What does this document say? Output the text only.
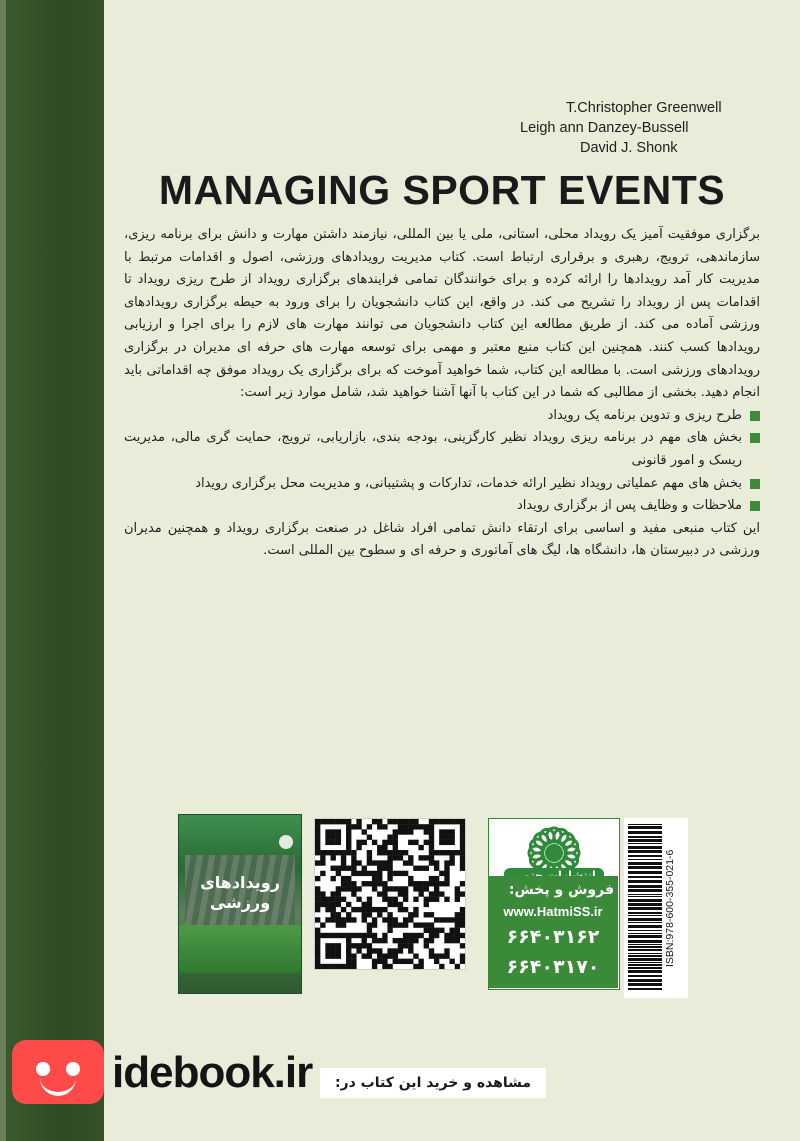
T.Christopher Greenwell
Leigh ann Danzey-Bussell
David J. Shonk
MANAGING SPORT EVENTS

برگزاری موفقیت آمیز یک رویداد محلی، استانی، ملی یا بین المللی، نیازمند داشتن مهارت و دانش برای برنامه ریزی، سازماندهی، ترویج، رهبری و برقراری ارتباط است. کتاب مدیریت رویدادهای ورزشی، اصول و اقدامات مرتبط با مدیریت کار آمد رویدادها را ارائه کرده و برای خوانندگان تمامی فرایندهای برگزاری رویداد از طرح ریزی رویداد تا اقدامات پس از رویداد را تشریح می کند. در واقع، این کتاب دانشجویان را برای ورود به حیطه برگزاری رویدادهای ورزشی آماده می کند. از طریق مطالعه این کتاب دانشجویان می توانند مهارت های لازم را برای اجرا و ارزیابی رویدادها کسب کنند. همچنین این کتاب منبع معتبر و مهمی برای توسعه مهارت های حرفه ای مدیران در برگزاری رویدادهای ورزشی است. با مطالعه این کتاب، شما خواهید آموخت که برای برگزاری یک رویداد موفق چه اقداماتی باید انجام دهید. بخشی از مطالبی که شما در این کتاب با آنها آشنا خواهید شد، شامل موارد زیر است:

طرح ریزی و تدوین برنامه یک رویداد
بخش های مهم در برنامه ریزی رویداد نظیر کارگزینی، بودجه بندی، بازاریابی، ترویج، حمایت گری مالی، مدیریت ریسک و امور قانونی
بخش های مهم عملیاتی رویداد نظیر ارائه خدمات، تدارکات و پشتیبانی، و مدیریت محل برگزاری رویداد
ملاحظات و وظایف پس از برگزاری رویداد

این کتاب منبعی مفید و اساسی برای ارتقاء دانش تمامی افراد شاغل در صنعت برگزاری رویداد و همچنین مدیران ورزشی در دبیرستان ها، دانشگاه ها، لیگ های آماتوری و حرفه ای و سطوح بین المللی است.

رویدادهای ورزشی
فروش و پخش:
www.HatmiSS.ir
۶۶۴۰۳۱۶۲
۶۶۴۰۳۱۷۰
ISBN:978-600-355-021-6
idebook.ir	مشاهده و خرید این کتاب در:
